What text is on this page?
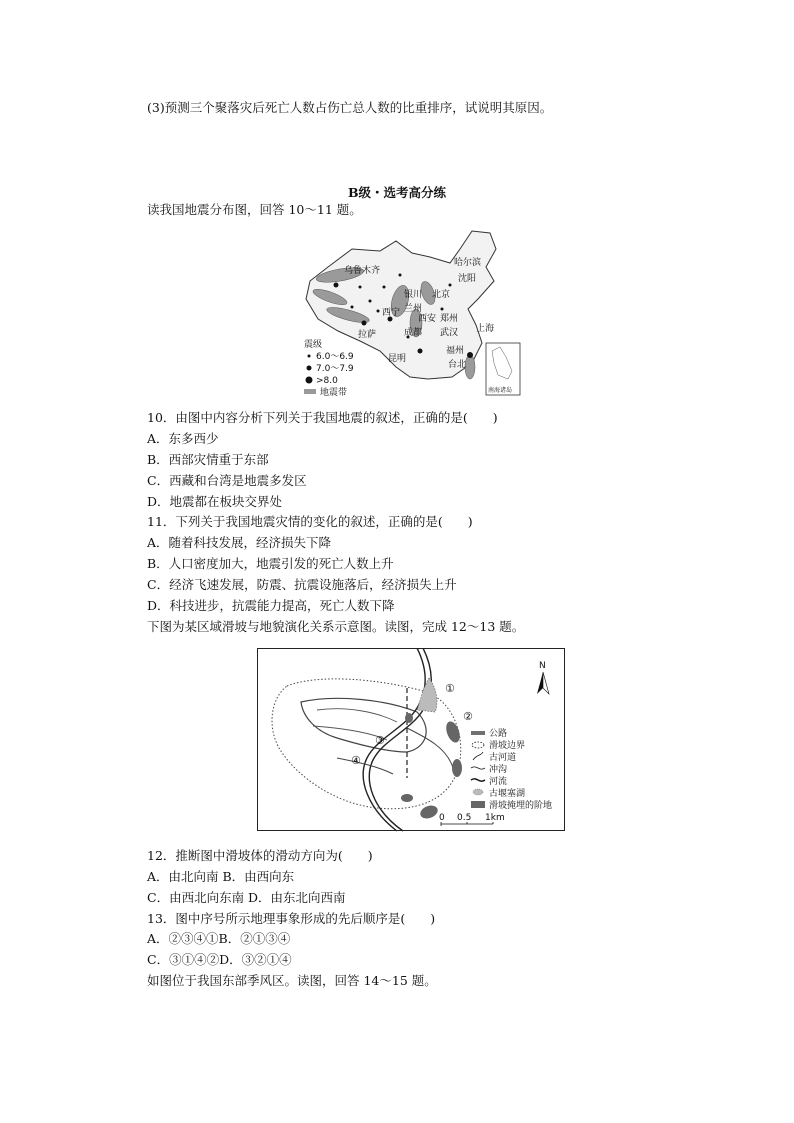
(3)预测三个聚落灾后死亡人数占伤亡总人数的比重排序，试说明其原因。
B级・选考高分练
读我国地震分布图，回答 10～11 题。
乌鲁木齐
哈尔滨
沈阳
北京
银川
西宁 兰州
西安 郑州
成都 武汉 上海
拉萨
昆明
福州
台北
震级
6.0～6.9
7.0～7.9
>8.0
地震带	南海诸岛
10．由图中内容分析下列关于我国地震的叙述，正确的是(　　)
A．东多西少
B．西部灾情重于东部
C．西藏和台湾是地震多发区
D．地震都在板块交界处
11．下列关于我国地震灾情的变化的叙述，正确的是(　　)
A．随着科技发展，经济损失下降
B．人口密度加大，地震引发的死亡人数上升
C．经济飞速发展，防震、抗震设施落后，经济损失上升
D．科技进步，抗震能力提高，死亡人数下降
下图为某区域滑坡与地貌演化关系示意图。读图，完成 12～13 题。
①
②
③
④
N
公路
滑坡边界
古河道
冲沟
河流
古堰塞湖
滑坡掩埋的阶地
0 0.5 1km
12．推断图中滑坡体的滑动方向为(　　)
A．由北向南 B．由西向东
C．由西北向东南 D．由东北向西南
13．图中序号所示地理事象形成的先后顺序是(　　)
A．②③④①B．②①③④
C．③①④②D．③②①④
如图位于我国东部季风区。读图，回答 14～15 题。
